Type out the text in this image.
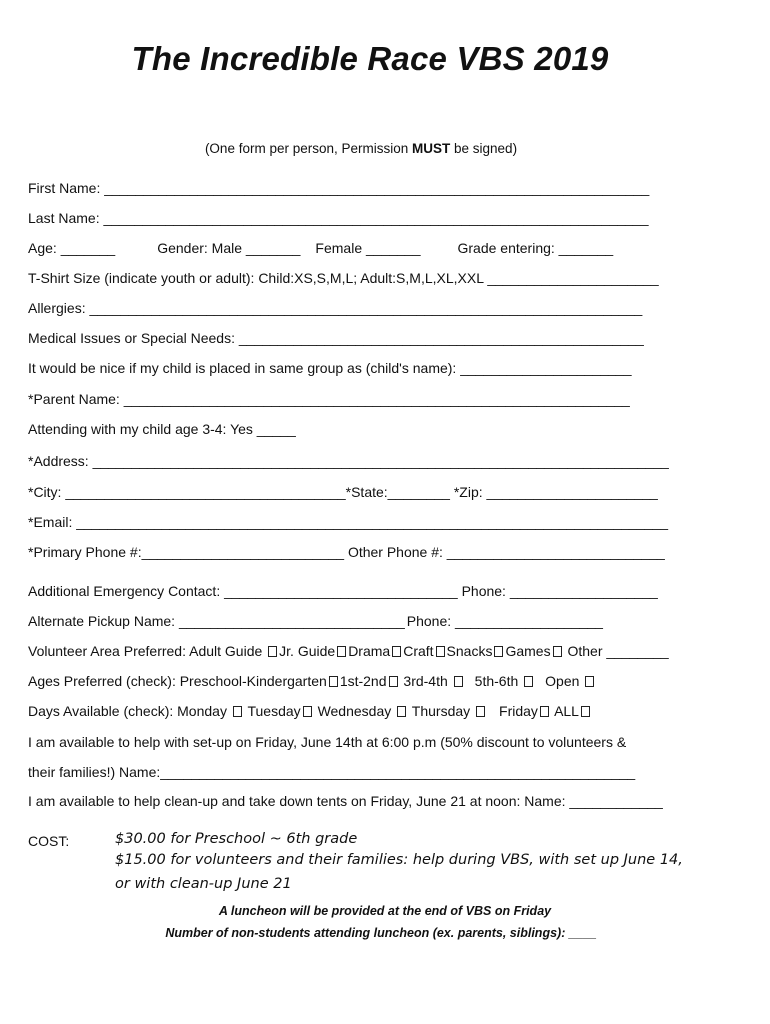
The Incredible Race VBS 2019
(One form per person, Permission MUST be signed)
First Name: ______________________________________________________________________
Last Name: ______________________________________________________________________
Age: _______	Gender: Male _______ Female _______	Grade entering: _______
T-Shirt Size (indicate youth or adult): Child:XS,S,M,L; Adult:S,M,L,XL,XXL ______________________
Allergies: _______________________________________________________________________
Medical Issues or Special Needs: ____________________________________________________
It would be nice if my child is placed in same group as (child's name): ______________________
*Parent Name: _________________________________________________________________
Attending with my child age 3-4: Yes _____
*Address: __________________________________________________________________________
*City: ____________________________________*State:________ *Zip: ______________________
*Email: ____________________________________________________________________________
*Primary Phone #:__________________________ Other Phone #: ____________________________
Additional Emergency Contact: ______________________________ Phone: ___________________
Alternate Pickup Name: _____________________________ Phone: ___________________
Volunteer Area Preferred: Adult Guide Jr. Guide Drama Craft Snacks Games Other ________
Ages Preferred (check): Preschool-Kindergarten 1st-2nd 3rd-4th 5th-6th Open
Days Available (check): Monday Tuesday Wednesday Thursday Friday ALL
I am available to help with set-up on Friday, June 14th at 6:00 p.m (50% discount to volunteers &
their families!) Name:_____________________________________________________________
I am available to help clean-up and take down tents on Friday, June 21 at noon: Name: ____________
COST:	$30.00 for Preschool ~ 6th grade
$15.00 for volunteers and their families: help during VBS, with set up June 14,
or with clean-up June 21
A luncheon will be provided at the end of VBS on Friday
Number of non-students attending luncheon (ex. parents, siblings): ____
